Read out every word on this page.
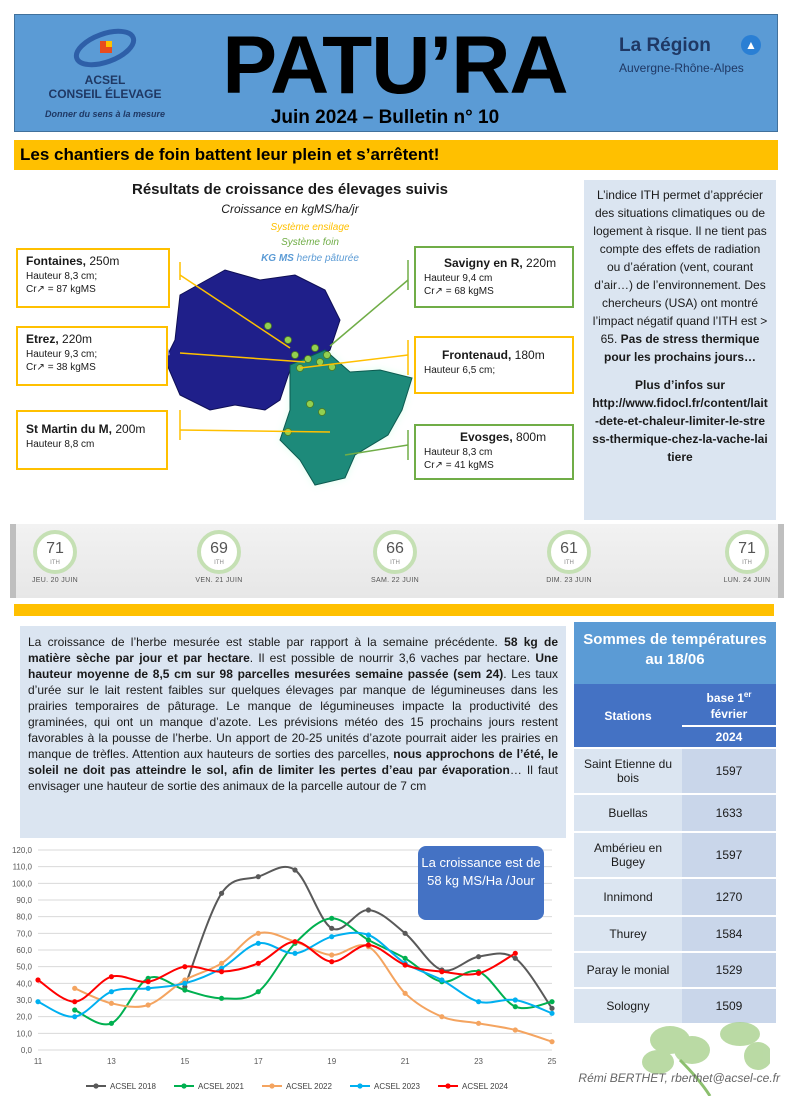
ACSEL
CONSEIL ÉLEVAGE
Donner du sens à la mesure
PATU’RA
Juin 2024 – Bulletin n° 10
La Région
Auvergne-Rhône-Alpes
▲
Les chantiers de foin battent leur plein et s’arrêtent!
Résultats de croissance des élevages suivis
Croissance en kgMS/ha/jr
Système ensilage
Système foin
KG MS herbe pâturée
Fontaines, 250m
Hauteur 8,3 cm;
Cr↗ = 87 kgMS
Etrez, 220m
Hauteur 9,3 cm;
Cr↗ = 38 kgMS
St Martin du M, 200m
Hauteur 8,8 cm
Savigny en R, 220m
Hauteur 9,4 cm
Cr↗ = 68 kgMS
Frontenaud, 180m
Hauteur 6,5 cm;
Evosges, 800m
Hauteur 8,3 cm
Cr↗ = 41 kgMS
L’indice ITH permet d’apprécier des situations climatiques ou de logement à risque. Il ne tient pas compte des effets de radiation ou d’aération (vent, courant d’air…) de l’environnement. Des chercheurs (USA) ont montré l’impact négatif quand l’ITH est > 65. Pas de stress thermique pour les prochains jours…
Plus d’infos sur
http://www.fidocl.fr/content/lait-dete-et-chaleur-limiter-le-stress-thermique-chez-la-vache-laitiere
71
ITH
JEU. 20 JUIN
69
ITH
VEN. 21 JUIN
66
ITH
SAM. 22 JUIN
61
ITH
DIM. 23 JUIN
71
ITH
LUN. 24 JUIN
La croissance de l’herbe mesurée est stable par rapport à la semaine précédente. 58 kg de matière sèche par jour et par hectare. Il est possible de nourrir 3,6 vaches par hectare. Une hauteur moyenne de 8,5 cm sur 98 parcelles mesurées semaine passée (sem 24). Les taux d’urée sur le lait restent faibles sur quelques élevages par manque de légumineuses dans les prairies temporaires de pâturage. Le manque de légumineuses impacte la productivité des graminées, qui ont un manque d’azote. Les prévisions météo des 15 prochains jours restent favorables à la pousse de l’herbe. Un apport de 20-25 unités d’azote pourrait aider les prairies en manque de trèfles. Attention aux hauteurs de sorties des parcelles, nous approchons de l’été, le soleil ne doit pas atteindre le sol, afin de limiter les pertes d’eau par évaporation… Il faut envisager une hauteur de sortie des animaux de la parcelle autour de 7 cm
Sommes de températures au 18/06
Stations	base 1er
février
	2024
Saint Etienne du bois	1597
Buellas	1633
Ambérieu en Bugey	1597
Innimond	1270
Thurey	1584
Paray le monial	1529
Sologny	1509
0,0
10,0
20,0
30,0
40,0
50,0
60,0
70,0
80,0
90,0
100,0
110,0
120,0
11	13	15	17	19	21	23	25
ACSEL 2018	ACSEL 2021	ACSEL 2022	ACSEL 2023	ACSEL 2024
La croissance est de 58 kg MS/Ha /Jour
Rémi BERTHET, rberthet@acsel-ce.fr
